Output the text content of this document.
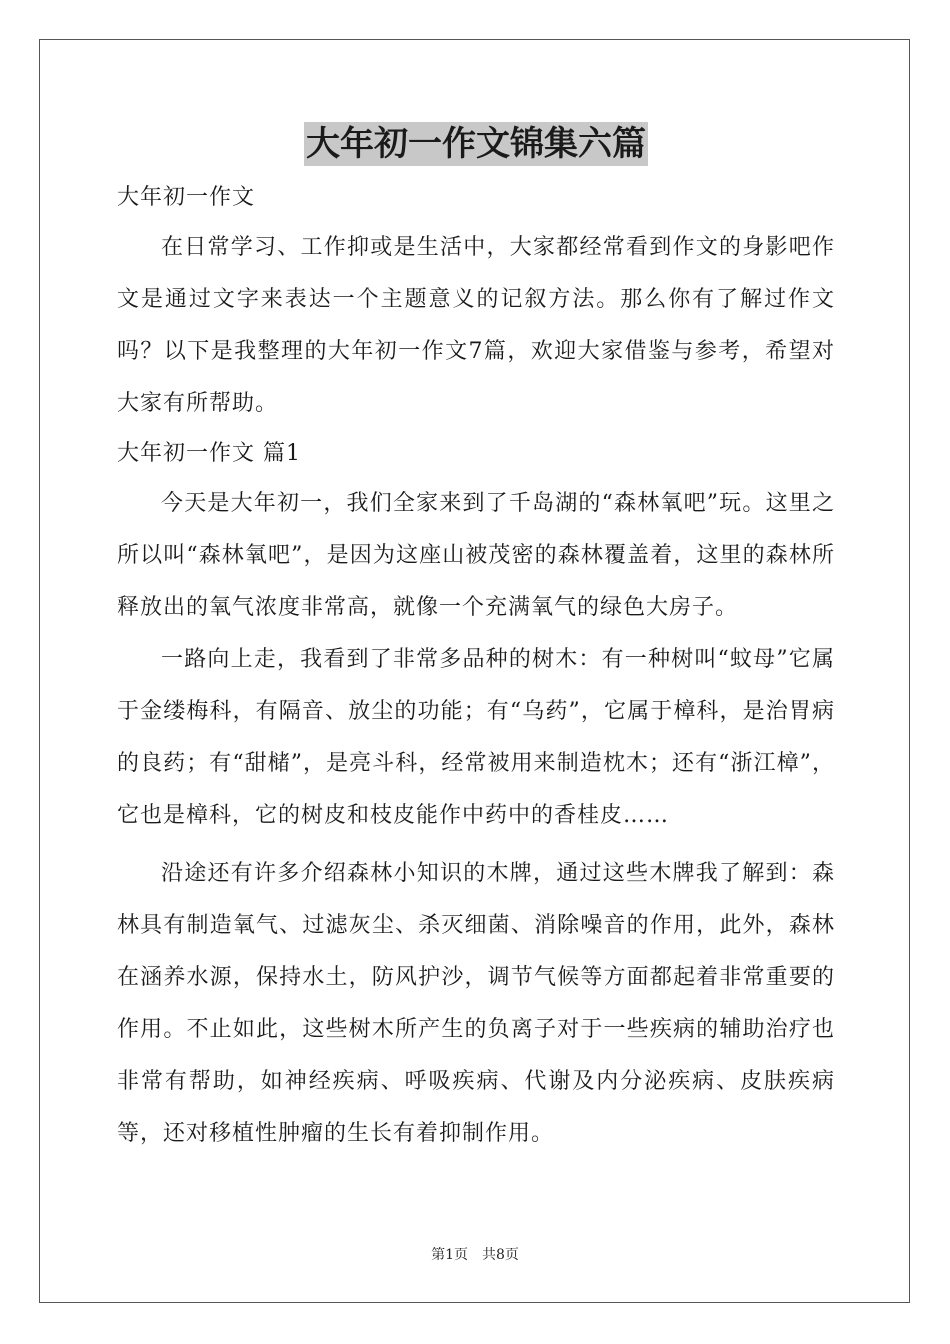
大年初一作文锦集六篇
大年初一作文

在日常学习、工作抑或是生活中，大家都经常看到作文的身影吧作文是通过文字来表达一个主题意义的记叙方法。那么你有了解过作文吗？以下是我整理的大年初一作文7篇，欢迎大家借鉴与参考，希望对大家有所帮助。

大年初一作文 篇1

今天是大年初一，我们全家来到了千岛湖的“森林氧吧”玩。这里之所以叫“森林氧吧”，是因为这座山被茂密的森林覆盖着，这里的森林所释放出的氧气浓度非常高，就像一个充满氧气的绿色大房子。

一路向上走，我看到了非常多品种的树木：有一种树叫“蚊母”它属于金缕梅科，有隔音、放尘的功能；有“乌药”，它属于樟科，是治胃病的良药；有“甜槠”，是亮斗科，经常被用来制造枕木；还有“浙江樟”，它也是樟科，它的树皮和枝皮能作中药中的香桂皮……

沿途还有许多介绍森林小知识的木牌，通过这些木牌我了解到：森林具有制造氧气、过滤灰尘、杀灭细菌、消除噪音的作用，此外，森林在涵养水源，保持水土，防风护沙，调节气候等方面都起着非常重要的作用。不止如此，这些树木所产生的负离子对于一些疾病的辅助治疗也非常有帮助，如神经疾病、呼吸疾病、代谢及内分泌疾病、皮肤疾病等，还对移植性肿瘤的生长有着抑制作用。

第1页 共8页
